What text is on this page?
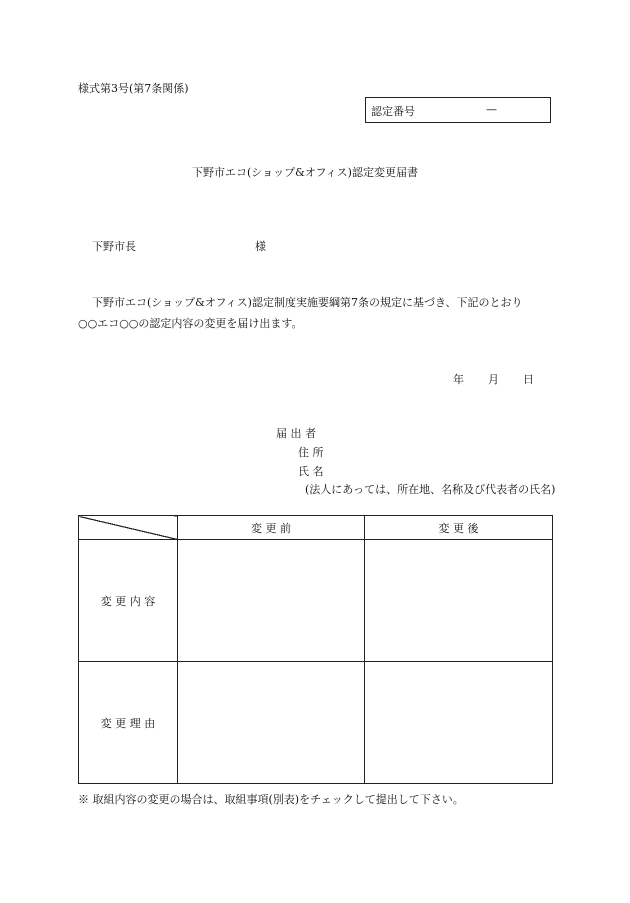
様式第3号(第7条関係)
認定番号	—
下野市エコ(ショップ&オフィス)認定変更届書
下野市長	様
下野市エコ(ショップ&オフィス)認定制度実施要綱第7条の規定に基づき、下記のとおり
○○エコ○○の認定内容の変更を届け出ます。
年 月 日
届 出 者
住 所
氏 名
(法人にあっては、所在地、名称及び代表者の氏名)
	変 更 前	変 更 後
変 更 内 容		
変 更 理 由		
※ 取組内容の変更の場合は、取組事項(別表)をチェックして提出して下さい。
